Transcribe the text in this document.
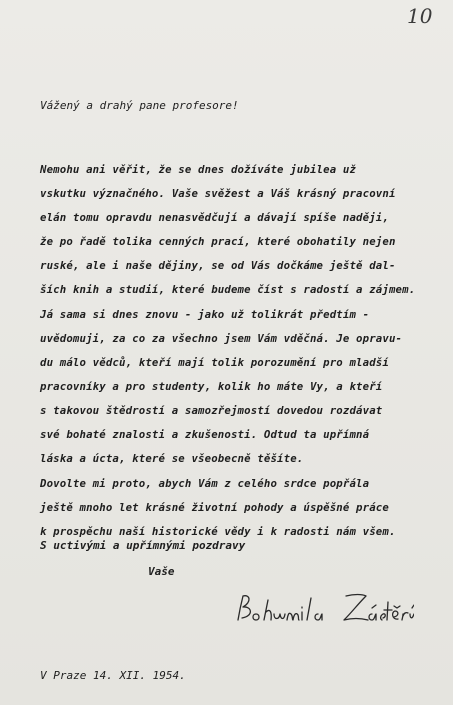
10
Vážený a drahý pane profesore!
Nemohu ani věřit, že se dnes dožíváte jubilea už
vskutku význačného. Vaše svěžest a Váš krásný pracovní
elán tomu opravdu nenasvědčují a dávají spíše naději,
že po řadě tolika cenných prací, které obohatily nejen
ruské, ale i naše dějiny, se od Vás dočkáme ještě dal-
ších knih a studií, které budeme číst s radostí a zájmem.
Já sama si dnes znovu - jako už tolikrát předtím -
uvědomuji, za co za všechno jsem Vám vděčná. Je opravu-
du málo vědců, kteří mají tolik porozumění pro mladší
pracovníky a pro studenty, kolik ho máte Vy, a kteří
s takovou štědrostí a samozřejmostí dovedou rozdávat
své bohaté znalosti a zkušenosti. Odtud ta upřímná
láska a úcta, které se všeobecně těšíte.
Dovolte mi proto, abych Vám z celého srdce popřála
ještě mnoho let krásné životní pohody a úspěšné práce
k prospěchu naší historické vědy i k radosti nám všem.
S uctivými a upřímnými pozdravy
Vaše
V Praze 14. XII. 1954.
